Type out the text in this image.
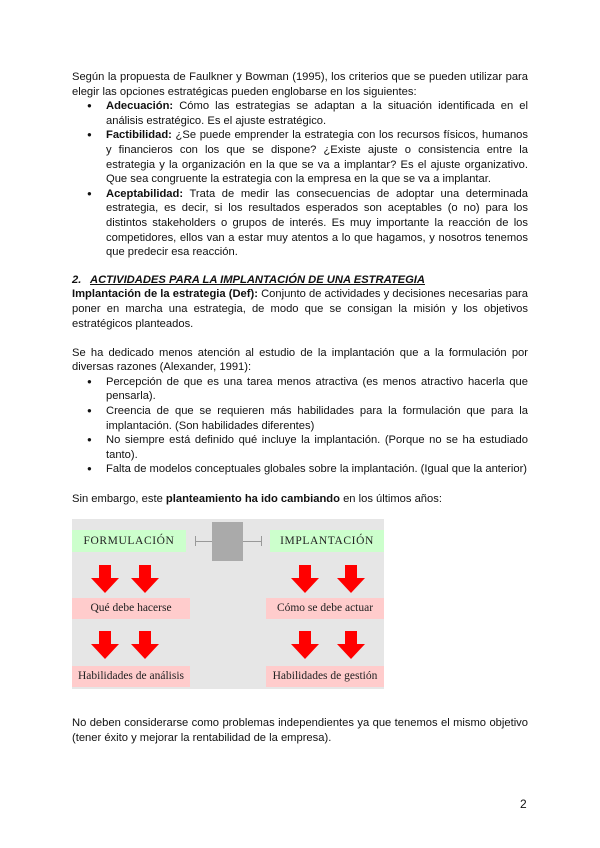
Según la propuesta de Faulkner y Bowman (1995), los criterios que se pueden utilizar para elegir las opciones estratégicas pueden englobarse en los siguientes:

● Adecuación: Cómo las estrategias se adaptan a la situación identificada en el análisis estratégico. Es el ajuste estratégico.
● Factibilidad: ¿Se puede emprender la estrategia con los recursos físicos, humanos y financieros con los que se dispone? ¿Existe ajuste o consistencia entre la estrategia y la organización en la que se va a implantar? Es el ajuste organizativo. Que sea congruente la estrategia con la empresa en la que se va a implantar.
● Aceptabilidad: Trata de medir las consecuencias de adoptar una determinada estrategia, es decir, si los resultados esperados son aceptables (o no) para los distintos stakeholders o grupos de interés. Es muy importante la reacción de los competidores, ellos van a estar muy atentos a lo que hagamos, y nosotros tenemos que predecir esa reacción.
2. ACTIVIDADES PARA LA IMPLANTACIÓN DE UNA ESTRATEGIA

Implantación de la estrategia (Def): Conjunto de actividades y decisiones necesarias para poner en marcha una estrategia, de modo que se consigan la misión y los objetivos estratégicos planteados.

Se ha dedicado menos atención al estudio de la implantación que a la formulación por diversas razones (Alexander, 1991):

● Percepción de que es una tarea menos atractiva (es menos atractivo hacerla que pensarla).
● Creencia de que se requieren más habilidades para la formulación que para la implantación. (Son habilidades diferentes)
● No siempre está definido qué incluye la implantación. (Porque no se ha estudiado tanto).
● Falta de modelos conceptuales globales sobre la implantación. (Igual que la anterior)

Sin embargo, este planteamiento ha ido cambiando en los últimos años:

FORMULACIÓN	IMPLANTACIÓN
Qué debe hacerse	Cómo se debe actuar
Habilidades de análisis	Habilidades de gestión

No deben considerarse como problemas independientes ya que tenemos el mismo objetivo (tener éxito y mejorar la rentabilidad de la empresa).

2
